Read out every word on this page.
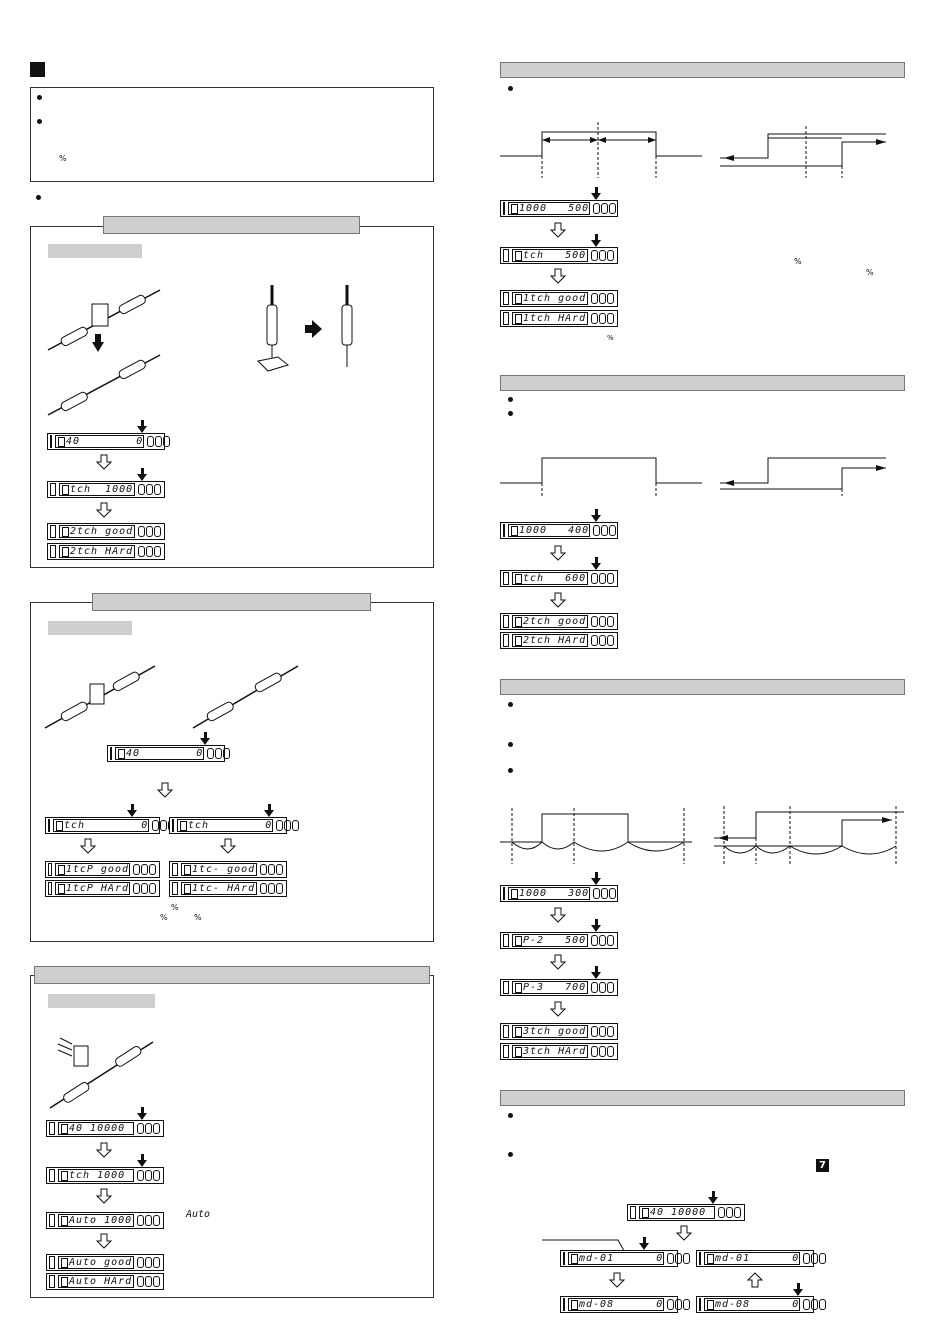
%
40        0
tch  1000
2tch good
2tch HArd
40        0
tch        0	tch        0
1tcP good	1tc- good
1tcP HArd	1tc- HArd
%
%	%
40 10000
tch 1000
Auto 1000
Auto
Auto good
Auto HArd
1000   500
tch   500
1tch good
1tch HArd
%
%
%
1000   400
tch   600
2tch good
2tch HArd
1000   300
P-2   500
P-3   700
3tch good
3tch HArd
7
40 10000
md-01      0	md-01      0
md-08      0	md-08      0
